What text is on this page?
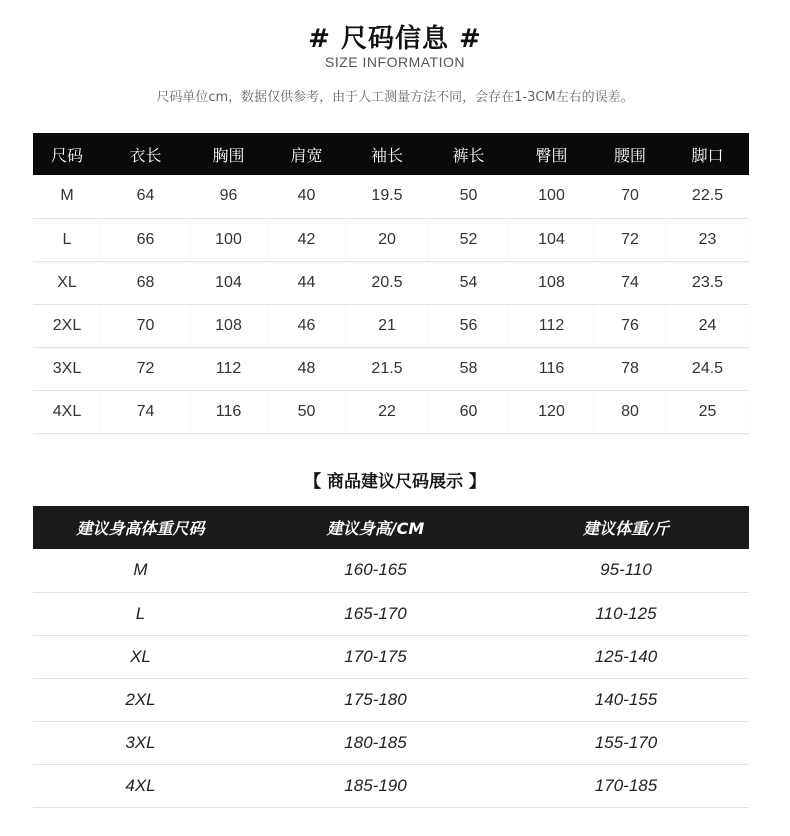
# 尺码信息 #
SIZE INFORMATION
尺码单位cm，数据仅供参考，由于人工测量方法不同，会存在1-3CM左右的误差。
尺码	衣长	胸围	肩宽	袖长	裤长	臀围	腰围	脚口
M	64	96	40	19.5	50	100	70	22.5
L	66	100	42	20	52	104	72	23
XL	68	104	44	20.5	54	108	74	23.5
2XL	70	108	46	21	56	112	76	24
3XL	72	112	48	21.5	58	116	78	24.5
4XL	74	116	50	22	60	120	80	25
【 商品建议尺码展示 】
建议身高体重尺码	建议身高/CM	建议体重/斤
M	160-165	95-110
L	165-170	110-125
XL	170-175	125-140
2XL	175-180	140-155
3XL	180-185	155-170
4XL	185-190	170-185
